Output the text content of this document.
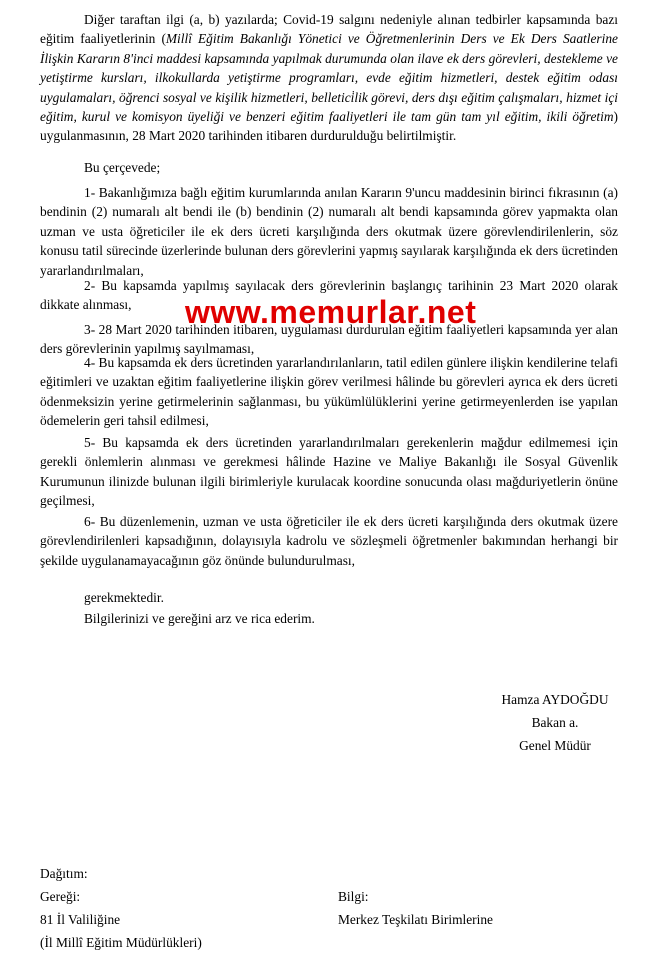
Diğer taraftan ilgi (a, b) yazılarda; Covid-19 salgını nedeniyle alınan tedbirler kapsamında bazı eğitim faaliyetlerinin (Millî Eğitim Bakanlığı Yönetici ve Öğretmenlerinin Ders ve Ek Ders Saatlerine İlişkin Kararın 8'inci maddesi kapsamında yapılmak durumunda olan ilave ek ders görevleri, destekleme ve yetiştirme kursları, ilkokullarda yetiştirme programları, evde eğitim hizmetleri, destek eğitim odası uygulamaları, öğrenci sosyal ve kişilik hizmetleri, belletici̇lik görevi, ders dışı eğitim çalışmaları, hizmet içi eğitim, kurul ve komisyon üyeliği ve benzeri eğitim faaliyetleri ile tam gün tam yıl eğitim, ikili öğretim) uygulanmasının, 28 Mart 2020 tarihinden itibaren durdurulduğu belirtilmiştir.

Bu çerçevede;

1- Bakanlığımıza bağlı eğitim kurumlarında anılan Kararın 9'uncu maddesinin birinci fıkrasının (a) bendinin (2) numaralı alt bendi ile (b) bendinin (2) numaralı alt bendi kapsamında görev yapmakta olan uzman ve usta öğreticiler ile ek ders ücreti karşılığında ders okutmak üzere görevlendirilenlerin, söz konusu tatil sürecinde üzerlerinde bulunan ders görevlerini yapmış sayılarak karşılığında ek ders ücretinden yararlandırılmaları,

2- Bu kapsamda yapılmış sayılacak ders görevlerinin başlangıç tarihinin 23 Mart 2020 olarak dikkate alınması,

3- 28 Mart 2020 tarihinden itibaren, uygulaması durdurulan eğitim faaliyetleri kapsamında yer alan ders görevlerinin yapılmış sayılmaması,

4- Bu kapsamda ek ders ücretinden yararlandırılanların, tatil edilen günlere ilişkin kendilerine telafi eğitimleri ve uzaktan eğitim faaliyetlerine ilişkin görev verilmesi hâlinde bu görevleri ayrıca ek ders ücreti ödenmeksizin yerine getirmelerinin sağlanması, bu yükümlülüklerini yerine getirmeyenlerden ise yapılan ödemelerin geri tahsil edilmesi,

5- Bu kapsamda ek ders ücretinden yararlandırılmaları gerekenlerin mağdur edilmemesi için gerekli önlemlerin alınması ve gerekmesi hâlinde Hazine ve Maliye Bakanlığı ile Sosyal Güvenlik Kurumunun ilinizde bulunan ilgili birimleriyle kurulacak koordine sonucunda olası mağduriyetlerin önüne geçilmesi,

6- Bu düzenlemenin, uzman ve usta öğreticiler ile ek ders ücreti karşılığında ders okutmak üzere görevlendirilenleri kapsadığının, dolayısıyla kadrolu ve sözleşmeli öğretmenler bakımından herhangi bir şekilde uygulanamayacağının göz önünde bulundurulması,

gerekmektedir.

Bilgilerinizi ve gereğini arz ve rica ederim.

www.memurlar.net
Hamza AYDOĞDU
Bakan a.
Genel Müdür
Dağıtım:
Gereği:
81 İl Valiliğine
(İl Millî Eğitim Müdürlükleri)
Bilgi:
Merkez Teşkilatı Birimlerine
